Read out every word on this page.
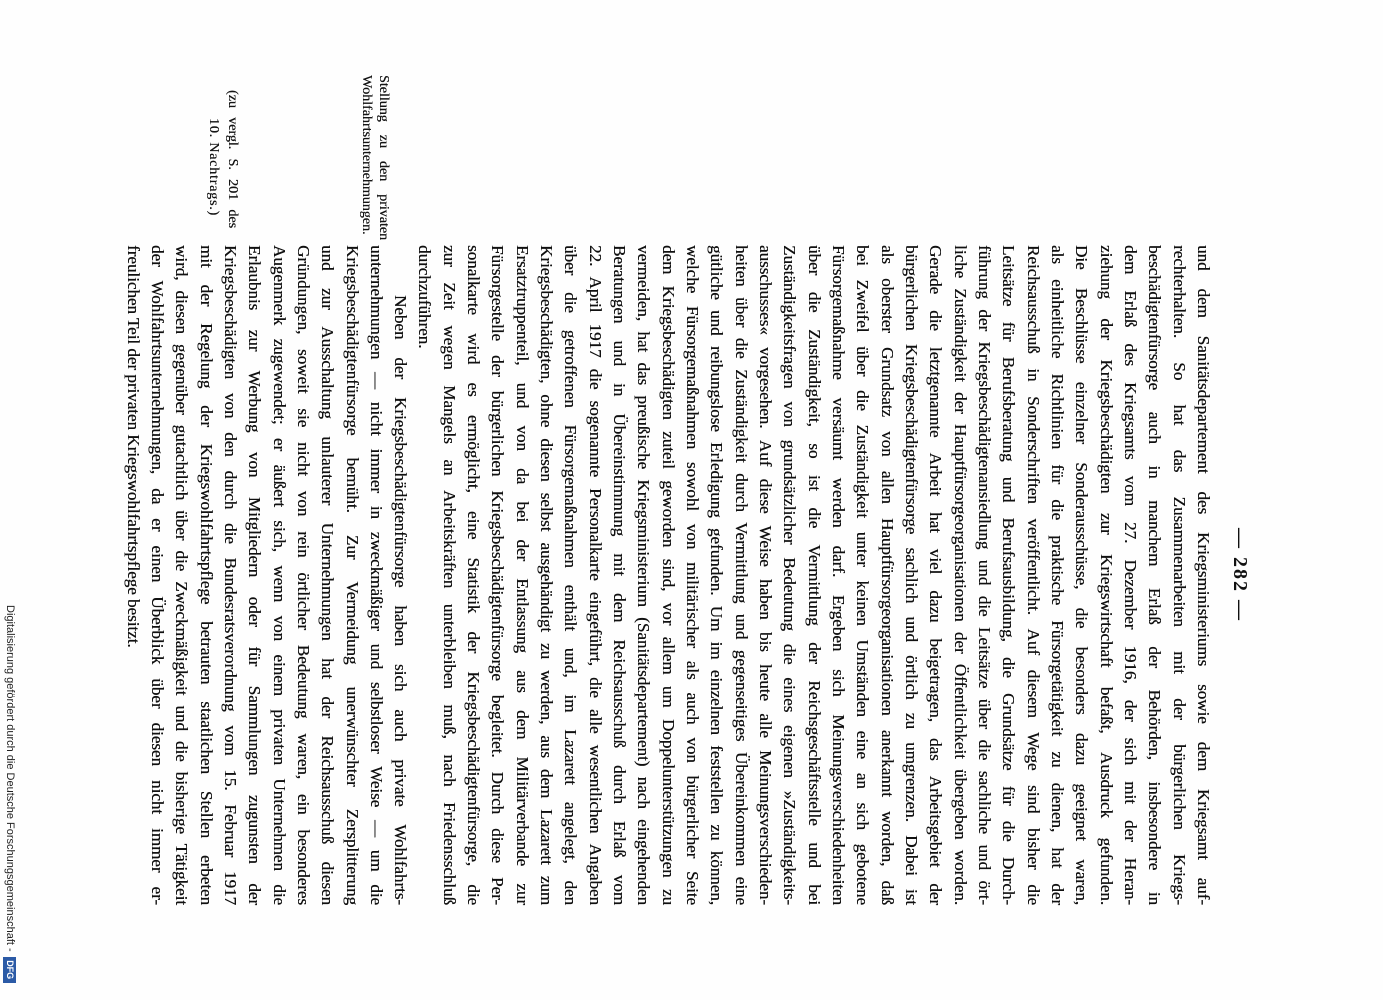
— 282 —
und dem Sanitätsdepartement des Kriegsministeriums sowie dem Kriegsamt auf-
rechterhalten. So hat das Zusammenarbeiten mit der bürgerlichen Kriegs-
beschädigtenfürsorge auch in manchem Erlaß der Behörden, insbesondere in
dem Erlaß des Kriegsamts vom 27. Dezember 1916, der sich mit der Heran-
ziehung der Kriegsbeschädigten zur Kriegswirtschaft befaßt, Ausdruck gefunden.
Die Beschlüsse einzelner Sonderausschüsse, die besonders dazu geeignet waren,
als einheitliche Richtlinien für die praktische Fürsorgetätigkeit zu dienen, hat der
Reichsausschuß in Sonderschriften veröffentlicht. Auf diesem Wege sind bisher die
Leitsätze für Berufsberatung und Berufsausbildung, die Grundsätze für die Durch-
führung der Kriegsbeschädigtenansiedlung und die Leitsätze über die sachliche und ört-
liche Zuständigkeit der Hauptfürsorgeorganisationen der Öffentlichkeit übergeben worden.
Gerade die letztgenannte Arbeit hat viel dazu beigetragen, das Arbeitsgebiet der
bürgerlichen Kriegsbeschädigtenfürsorge sachlich und örtlich zu umgrenzen. Dabei ist
als oberster Grundsatz von allen Hauptfürsorgeorganisationen anerkannt worden, daß
bei Zweifel über die Zuständigkeit unter keinen Umständen eine an sich gebotene
Fürsorgemaßnahme versäumt werden darf. Ergeben sich Meinungsverschiedenheiten
über die Zuständigkeit, so ist die Vermittlung der Reichsgeschäftsstelle und bei
Zuständigkeitsfragen von grundsätzlicher Bedeutung die eines eigenen »Zuständigkeits-
ausschusses« vorgesehen. Auf diese Weise haben bis heute alle Meinungsverschieden-
heiten über die Zuständigkeit durch Vermittlung und gegenseitiges Übereinkommen eine
gütliche und reibungslose Erledigung gefunden. Um im einzelnen feststellen zu können,
welche Fürsorgemaßnahmen sowohl von militärischer als auch von bürgerlicher Seite
dem Kriegsbeschädigten zuteil geworden sind, vor allem um Doppelunterstützungen zu
vermeiden, hat das preußische Kriegsministerium (Sanitätsdepartement) nach eingehenden
Beratungen und in Übereinstimmung mit dem Reichsausschuß durch Erlaß vom
22. April 1917 die sogenannte Personalkarte eingeführt, die alle wesentlichen Angaben
über die getroffenen Fürsorgemaßnahmen enthält und, im Lazarett angelegt, den
Kriegsbeschädigten, ohne diesen selbst ausgehändigt zu werden, aus dem Lazarett zum
Ersatztruppenteil, und von da bei der Entlassung aus dem Militärverbande zur
Fürsorgestelle der bürgerlichen Kriegsbeschädigtenfürsorge begleitet. Durch diese Per-
sonalkarte wird es ermöglicht, eine Statistik der Kriegsbeschädigtenfürsorge, die
zur Zeit wegen Mangels an Arbeitskräften unterbleiben muß, nach Friedensschluß
durchzuführen.
Neben der Kriegsbeschädigtenfürsorge haben sich auch private Wohlfahrts-
unternehmungen — nicht immer in zweckmäßiger und selbstloser Weise — um die
Kriegsbeschädigtenfürsorge bemüht. Zur Vermeidung unerwünschter Zersplitterung
und zur Ausschaltung unlauterer Unternehmungen hat der Reichsausschuß diesen
Gründungen, soweit sie nicht von rein örtlicher Bedeutung waren, ein besonderes
Augenmerk zugewendet; er äußert sich, wenn von einem privaten Unternehmen die
Erlaubnis zur Werbung von Mitgliedern oder für Sammlungen zugunsten der
Kriegsbeschädigten von den durch die Bundesratsverordnung vom 15. Februar 1917
mit der Regelung der Kriegswohlfahrtspflege betrauten staatlichen Stellen erbeten
wird, diesen gegenüber gutachtlich über die Zweckmäßigkeit und die bisherige Tätigkeit
der Wohlfahrtsunternehmungen, da er einen Überblick über diesen nicht immer er-
freulichen Teil der privaten Kriegswohlfahrtspflege besitzt.
Stellung zu den privaten
Wohlfahrtsunternehmungen.
(zu vergl. S. 201 des
10. Nachtrags.)
Digitalisierung gefördert durch die Deutsche Forschungsgemeinschaft -
DFG
